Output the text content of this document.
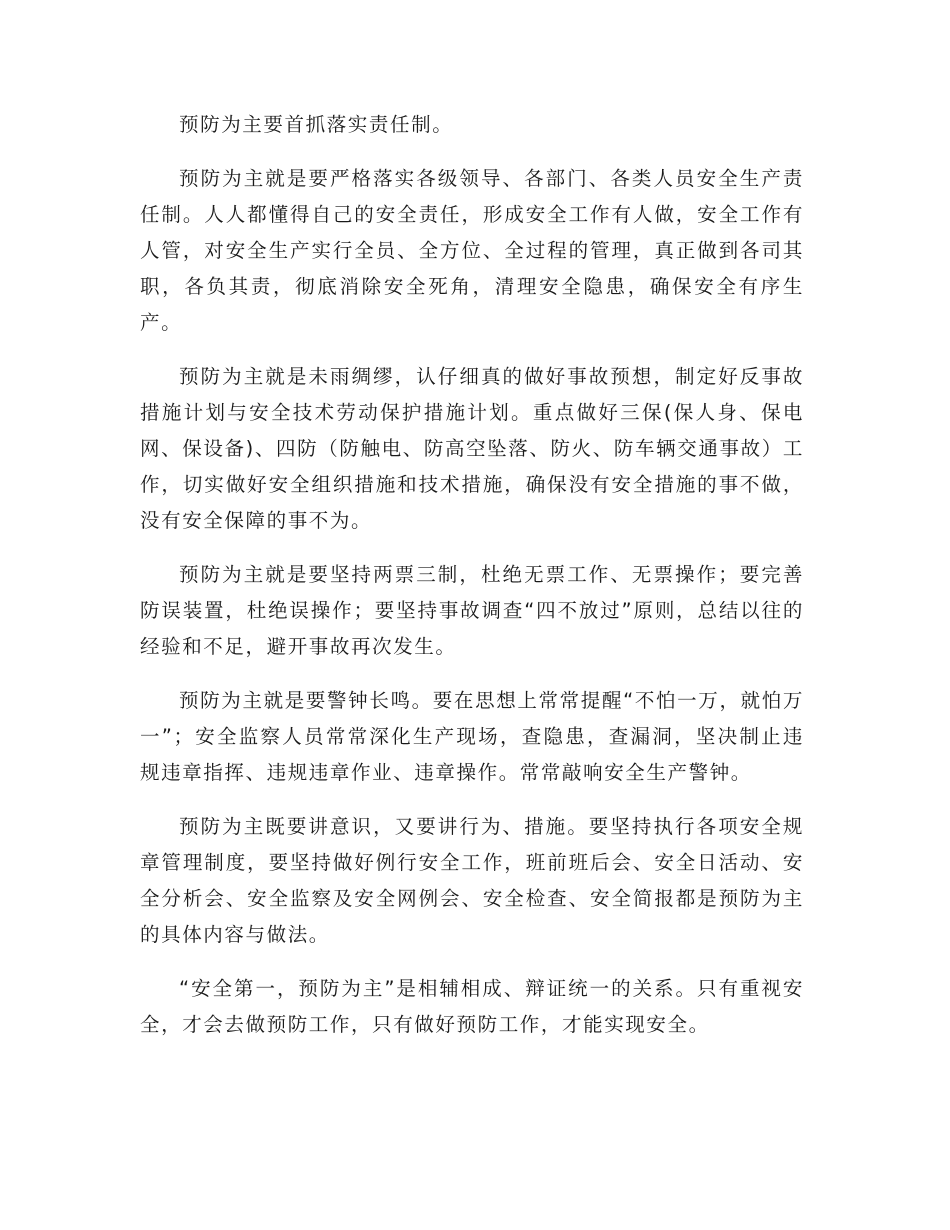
预防为主要首抓落实责任制。

预防为主就是要严格落实各级领导、各部门、各类人员安全生产责任制。人人都懂得自己的安全责任，形成安全工作有人做，安全工作有人管，对安全生产实行全员、全方位、全过程的管理，真正做到各司其职，各负其责，彻底消除安全死角，清理安全隐患，确保安全有序生产。

预防为主就是未雨绸缪，认仔细真的做好事故预想，制定好反事故措施计划与安全技术劳动保护措施计划。重点做好三保(保人身、保电网、保设备)、四防（防触电、防高空坠落、防火、防车辆交通事故）工作，切实做好安全组织措施和技术措施，确保没有安全措施的事不做，没有安全保障的事不为。

预防为主就是要坚持两票三制，杜绝无票工作、无票操作；要完善防误装置，杜绝误操作；要坚持事故调查“四不放过”原则，总结以往的经验和不足，避开事故再次发生。

预防为主就是要警钟长鸣。要在思想上常常提醒“不怕一万，就怕万一”；安全监察人员常常深化生产现场，查隐患，查漏洞，坚决制止违规违章指挥、违规违章作业、违章操作。常常敲响安全生产警钟。

预防为主既要讲意识，又要讲行为、措施。要坚持执行各项安全规章管理制度，要坚持做好例行安全工作，班前班后会、安全日活动、安全分析会、安全监察及安全网例会、安全检查、安全简报都是预防为主的具体内容与做法。

“安全第一，预防为主”是相辅相成、辩证统一的关系。只有重视安全，才会去做预防工作，只有做好预防工作，才能实现安全。
